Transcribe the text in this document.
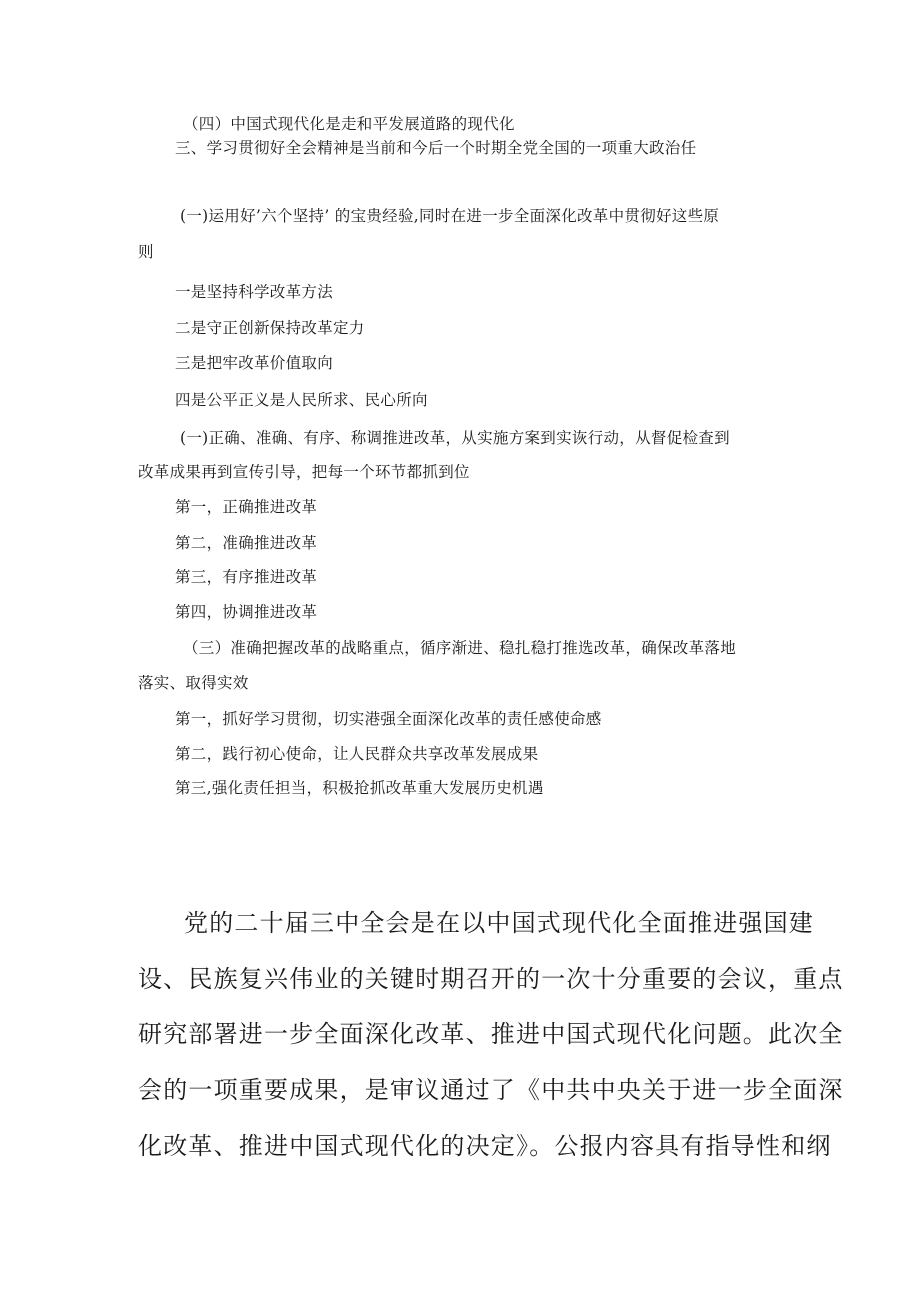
（四）中国式现代化是走和平发展道路的现代化
三、学习贯彻好全会精神是当前和今后一个时期全党全国的一项重大政治任
(一)运用好’六个坚持’ 的宝贵经验,同时在进一步全面深化改革中贯彻好这些原
则
一是坚持科学改革方法
二是守正创新保持改革定力
三是把牢改革价值取向
四是公平正义是人民所求、民心所向
(一)正确、准确、有序、称调推进改革，从实施方案到实诙行动，从督促检查到
改革成果再到宣传引导，把每一个环节都抓到位
第一，正确推进改革
第二，准确推进改革
第三，有序推进改革
第四，协调推进改革
（三）准确把握改革的战略重点，循序渐进、稳扎稳打推选改革，确保改革落地
落实、取得实效
第一，抓好学习贯彻，切实港强全面深化改革的责任感使命感
第二，践行初心使命，让人民群众共享改革发展成果
第三,强化责任担当，积极抢抓改革重大发展历史机遇
党的二十届三中全会是在以中国式现代化全面推进强国建
设、民族复兴伟业的关键时期召开的一次十分重要的会议，重点
研究部署进一步全面深化改革、推进中国式现代化问题。此次全
会的一项重要成果，是审议通过了《中共中央关于进一步全面深
化改革、推进中国式现代化的决定》。公报内容具有指导性和纲
